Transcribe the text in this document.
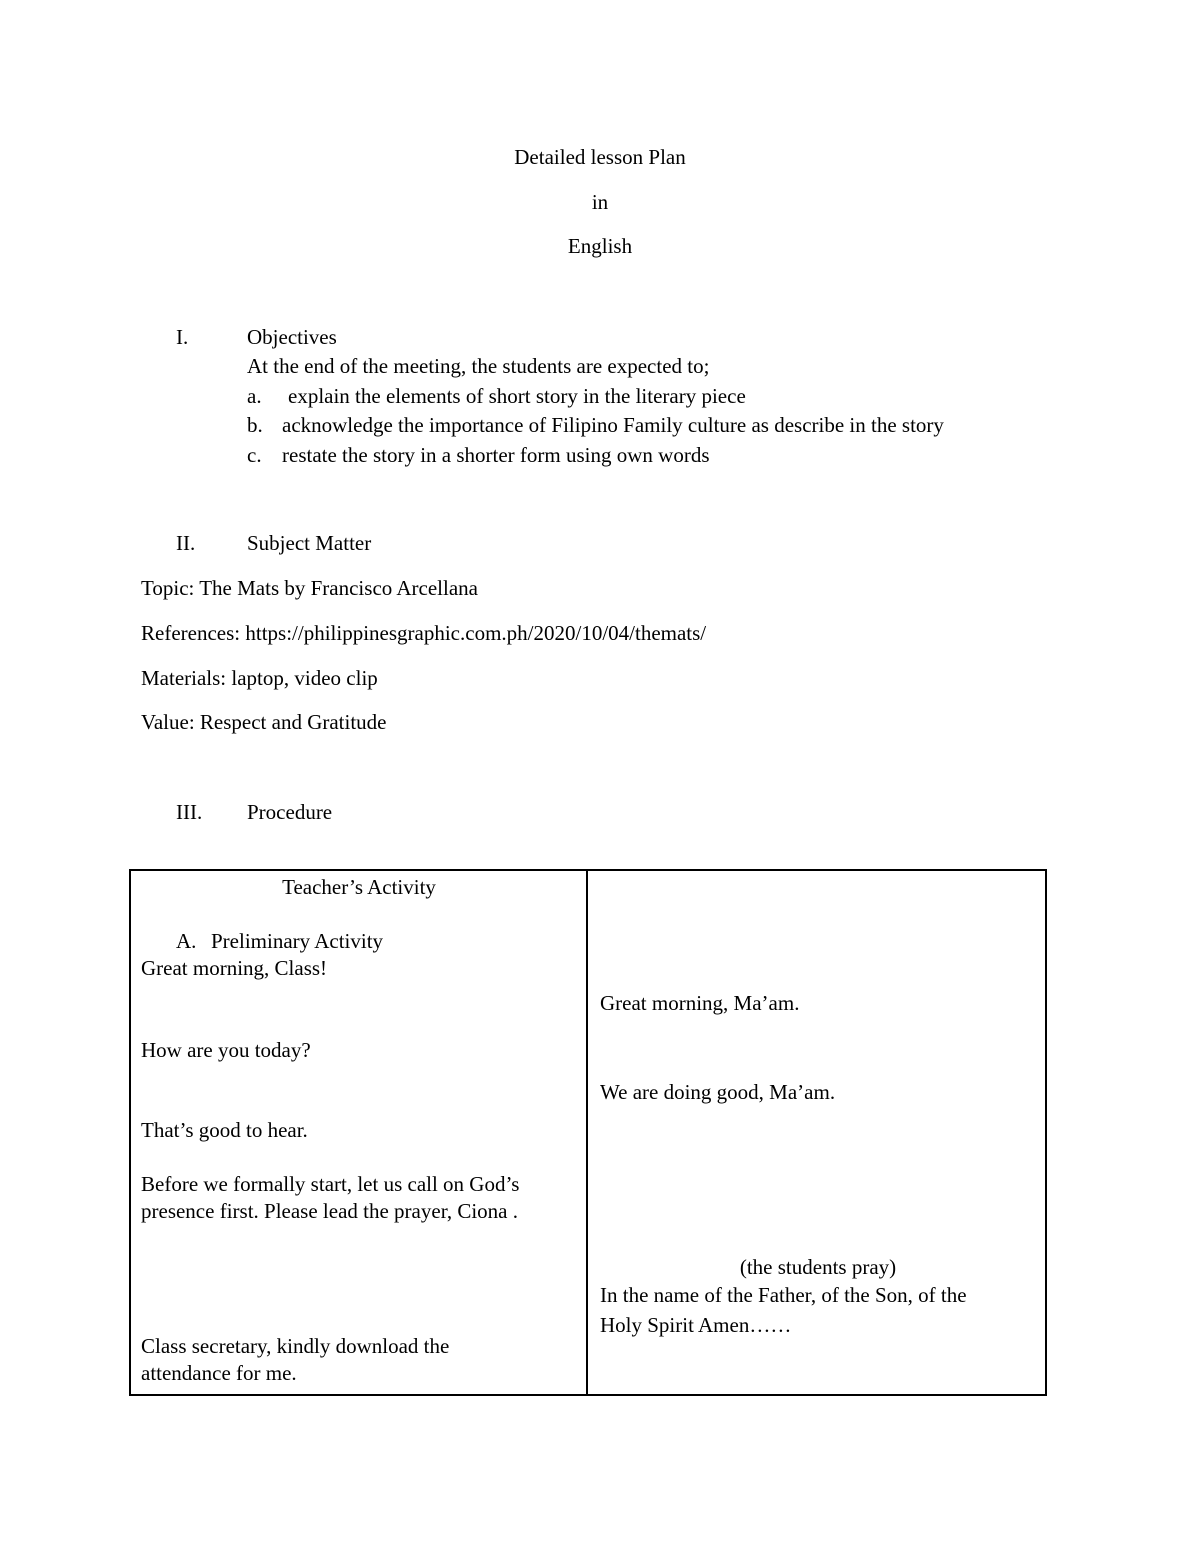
Detailed lesson Plan
in
English
I.	Objectives
At the end of the meeting, the students are expected to;
a. explain the elements of short story in the literary piece
b. acknowledge the importance of Filipino Family culture as describe in the story
c. restate the story in a shorter form using own words
II. Subject Matter
Topic: The Mats by Francisco Arcellana
References: https://philippinesgraphic.com.ph/2020/10/04/themats/
Materials: laptop, video clip
Value: Respect and Gratitude
III. Procedure
Teacher’s Activity
A. Preliminary Activity
Great morning, Class!
How are you today?
That’s good to hear.
Before we formally start, let us call on God’s
presence first. Please lead the prayer, Ciona .
Class secretary, kindly download the
attendance for me.
Great morning, Ma’am.
We are doing good, Ma’am.
(the students pray)
In the name of the Father, of the Son, of the
Holy Spirit Amen……
